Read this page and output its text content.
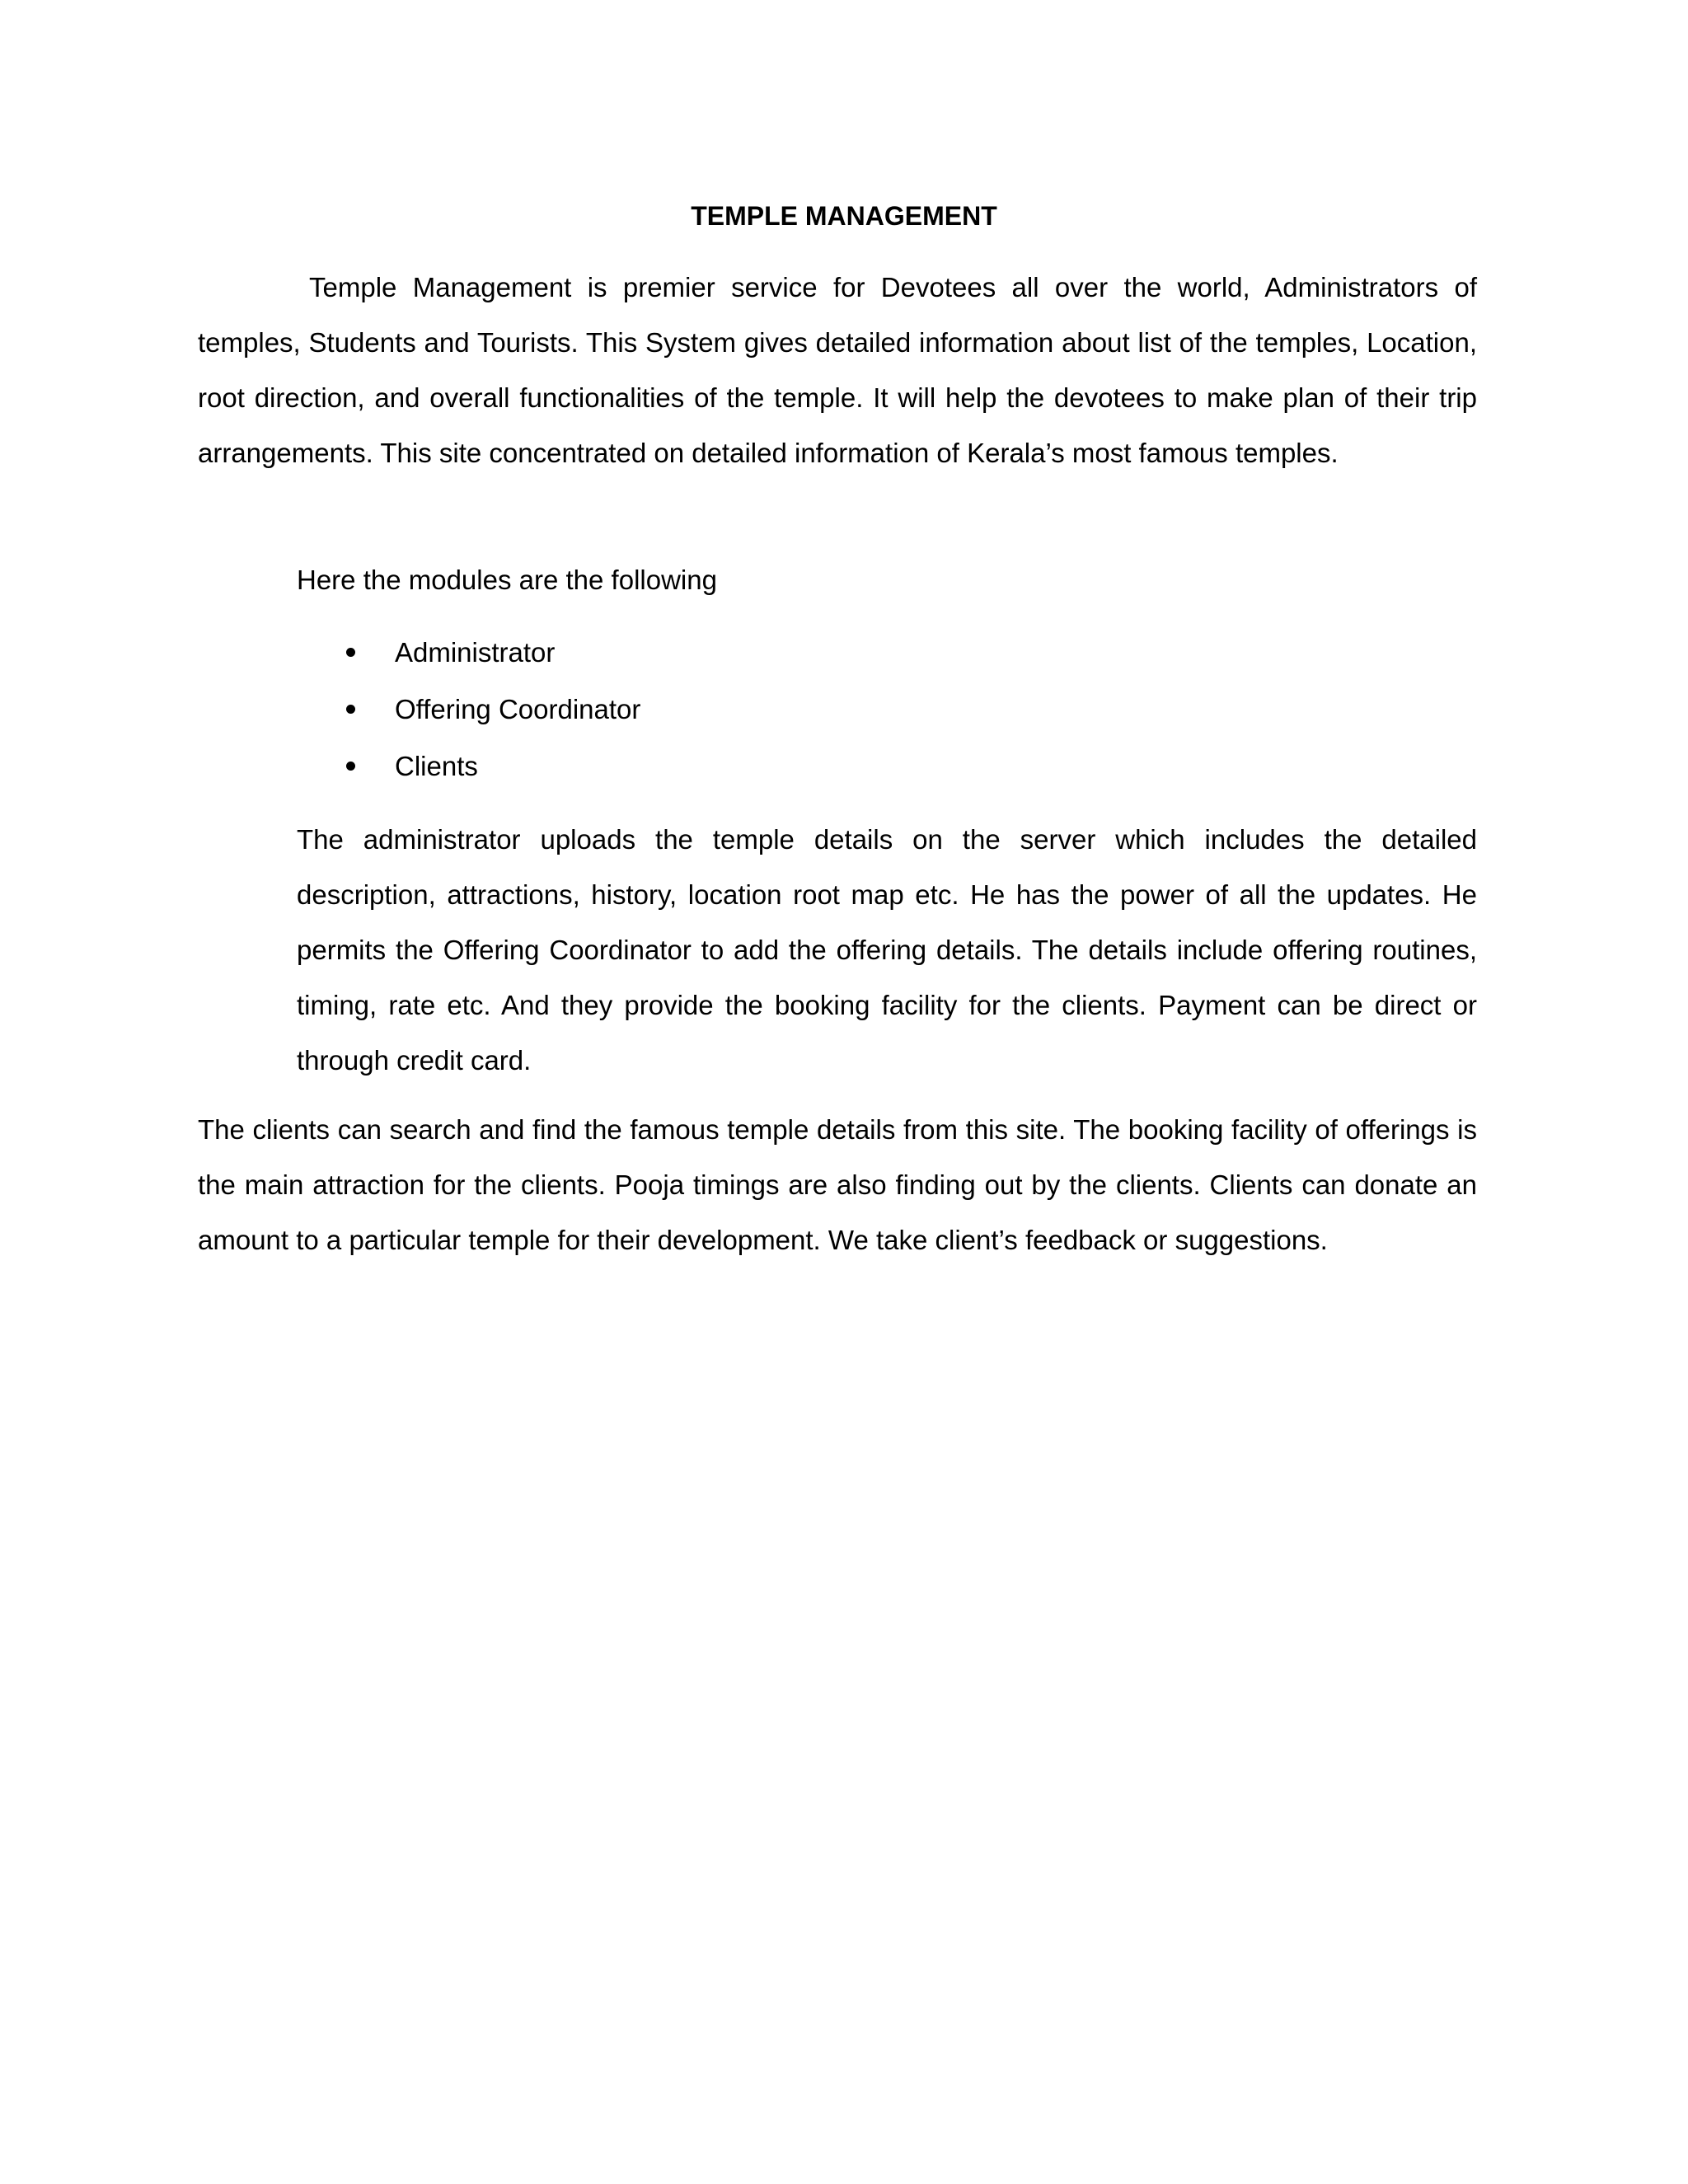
TEMPLE MANAGEMENT

Temple Management is premier service for Devotees all over the world, Administrators of temples, Students and Tourists. This System gives detailed information about list of the temples, Location, root direction, and overall functionalities of the temple. It will help the devotees to make plan of their trip arrangements. This site concentrated on detailed information of Kerala’s most famous temples.

Here the modules are the following

Administrator
Offering Coordinator
Clients

The administrator uploads the temple details on the server which includes the detailed description, attractions, history, location root map etc. He has the power of all the updates. He permits the Offering Coordinator to add the offering details. The details include offering routines, timing, rate etc. And they provide the booking facility for the clients. Payment can be direct or through credit card.

The clients can search and find the famous temple details from this site. The booking facility of offerings is the main attraction for the clients. Pooja timings are also finding out by the clients. Clients can donate an amount to a particular temple for their development. We take client’s feedback or suggestions.
